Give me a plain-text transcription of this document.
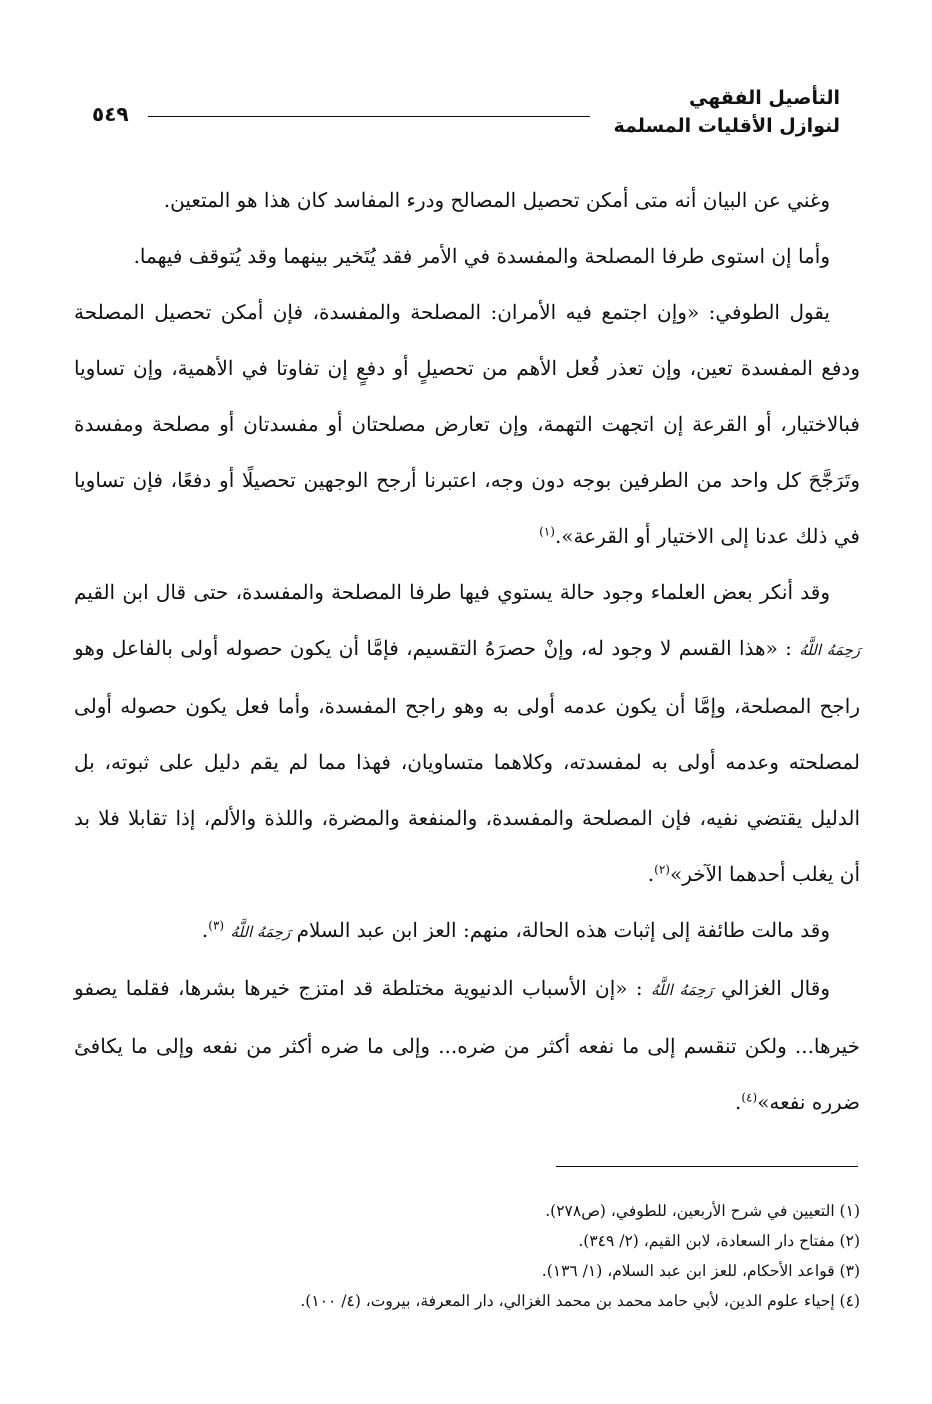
التأصيل الفقهي
لنوازل الأقليات المسلمة
٥٤٩

وغني عن البيان أنه متى أمكن تحصيل المصالح ودرء المفاسد كان هذا هو المتعين.

وأما إن استوى طرفا المصلحة والمفسدة في الأمر فقد يُتَخير بينهما وقد يُتوقف فيهما.

يقول الطوفي: «وإن اجتمع فيه الأمران: المصلحة والمفسدة، فإن أمكن تحصيل المصلحة ودفع المفسدة تعين، وإن تعذر فُعل الأهم من تحصيلٍ أو دفعٍ إن تفاوتا في الأهمية، وإن تساويا فبالاختيار، أو القرعة إن اتجهت التهمة، وإن تعارض مصلحتان أو مفسدتان أو مصلحة ومفسدة وتَرَجَّحَ كل واحد من الطرفين بوجه دون وجه، اعتبرنا أرجح الوجهين تحصيلًا أو دفعًا، فإن تساويا في ذلك عدنا إلى الاختيار أو القرعة».$^{(١)}$

وقد أنكر بعض العلماء وجود حالة يستوي فيها طرفا المصلحة والمفسدة، حتى قال ابن القيم رَحِمَهُ اللَّهُ : «هذا القسم لا وجود له، وإنْ حصرَهُ التقسيم، فإمَّا أن يكون حصوله أولى بالفاعل وهو راجح المصلحة، وإمَّا أن يكون عدمه أولى به وهو راجح المفسدة، وأما فعل يكون حصوله أولى لمصلحته وعدمه أولى به لمفسدته، وكلاهما متساويان، فهذا مما لم يقم دليل على ثبوته، بل الدليل يقتضي نفيه، فإن المصلحة والمفسدة، والمنفعة والمضرة، واللذة والألم، إذا تقابلا فلا بد أن يغلب أحدهما الآخر»$^{(٢)}$.

وقد مالت طائفة إلى إثبات هذه الحالة، منهم: العز ابن عبد السلام رَحِمَهُ اللَّهُ $^{(٣)}$.

وقال الغزالي رَحِمَهُ اللَّهُ : «إن الأسباب الدنيوية مختلطة قد امتزج خيرها بشرها، فقلما يصفو خيرها... ولكن تنقسم إلى ما نفعه أكثر من ضره... وإلى ما ضره أكثر من نفعه وإلى ما يكافئ ضرره نفعه»$^{(٤)}$.

(١) التعيين في شرح الأربعين، للطوفي، (ص٢٧٨).
(٢) مفتاح دار السعادة، لابن القيم، (٢/ ٣٤٩).
(٣) قواعد الأحكام، للعز ابن عبد السلام، (١/ ١٣٦).
(٤) إحياء علوم الدين، لأبي حامد محمد بن محمد الغزالي، دار المعرفة، بيروت، (٤/ ١٠٠).
